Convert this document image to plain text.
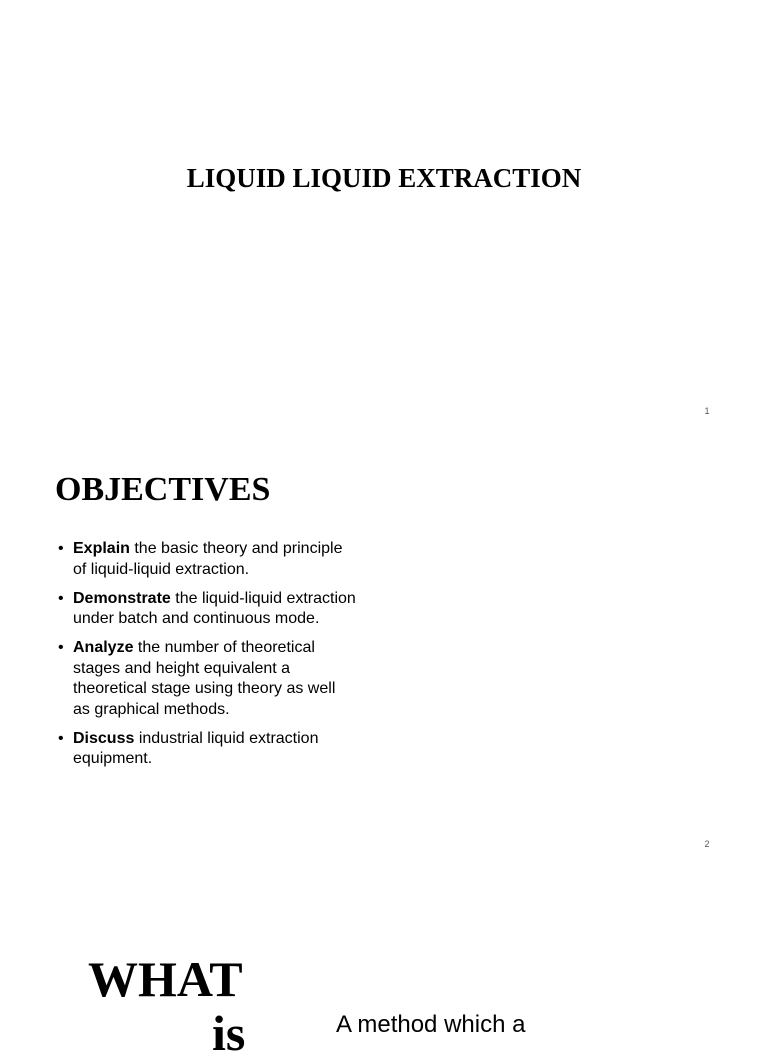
LIQUID LIQUID EXTRACTION
1
OBJECTIVES
• Explain the basic theory and principle of liquid-liquid extraction.
• Demonstrate the liquid-liquid extraction under batch and continuous mode.
• Analyze the number of theoretical stages and height equivalent a theoretical stage using theory as well as graphical methods.
• Discuss industrial liquid extraction equipment.
2
WHAT
is	A method which a
